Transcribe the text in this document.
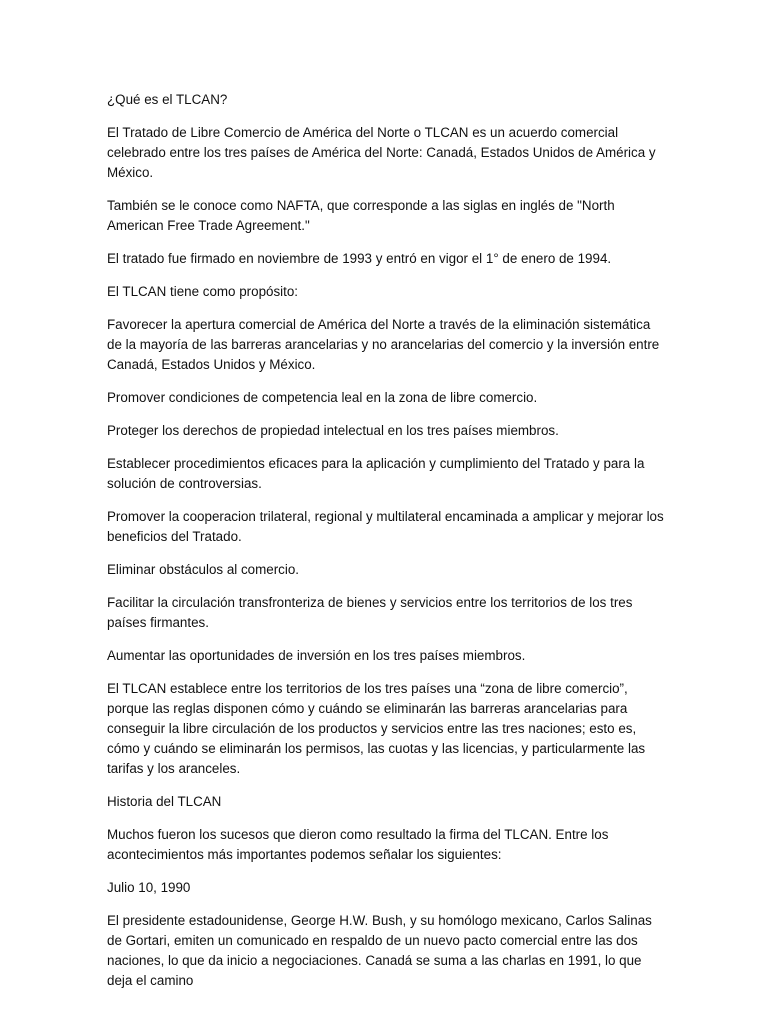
¿Qué es el TLCAN?

El Tratado de Libre Comercio de América del Norte o TLCAN es un acuerdo comercial celebrado entre los tres países de América del Norte: Canadá, Estados Unidos de América y México.

También se le conoce como NAFTA, que corresponde a las siglas en inglés de "North American Free Trade Agreement."

El tratado fue firmado en noviembre de 1993 y entró en vigor el 1° de enero de 1994.

El TLCAN tiene como propósito:

Favorecer la apertura comercial de América del Norte a través de la eliminación sistemática de la mayoría de las barreras arancelarias y no arancelarias del comercio y la inversión entre Canadá, Estados Unidos y México.

Promover condiciones de competencia leal en la zona de libre comercio.

Proteger los derechos de propiedad intelectual en los tres países miembros.

Establecer procedimientos eficaces para la aplicación y cumplimiento del Tratado y para la solución de controversias.

Promover la cooperacion trilateral, regional y multilateral encaminada a amplicar y mejorar los beneficios del Tratado.

Eliminar obstáculos al comercio.

Facilitar la circulación transfronteriza de bienes y servicios entre los territorios de los tres países firmantes.

Aumentar las oportunidades de inversión en los tres países miembros.

El TLCAN establece entre los territorios de los tres países una “zona de libre comercio”, porque las reglas disponen cómo y cuándo se eliminarán las barreras arancelarias para conseguir la libre circulación de los productos y servicios entre las tres naciones; esto es, cómo y cuándo se eliminarán los permisos, las cuotas y las licencias, y particularmente las tarifas y los aranceles.

Historia del TLCAN

Muchos fueron los sucesos que dieron como resultado la firma del TLCAN. Entre los acontecimientos más importantes podemos señalar los siguientes:

Julio 10, 1990

El presidente estadounidense, George H.W. Bush, y su homólogo mexicano, Carlos Salinas de Gortari, emiten un comunicado en respaldo de un nuevo pacto comercial entre las dos naciones, lo que da inicio a negociaciones. Canadá se suma a las charlas en 1991, lo que deja el camino
